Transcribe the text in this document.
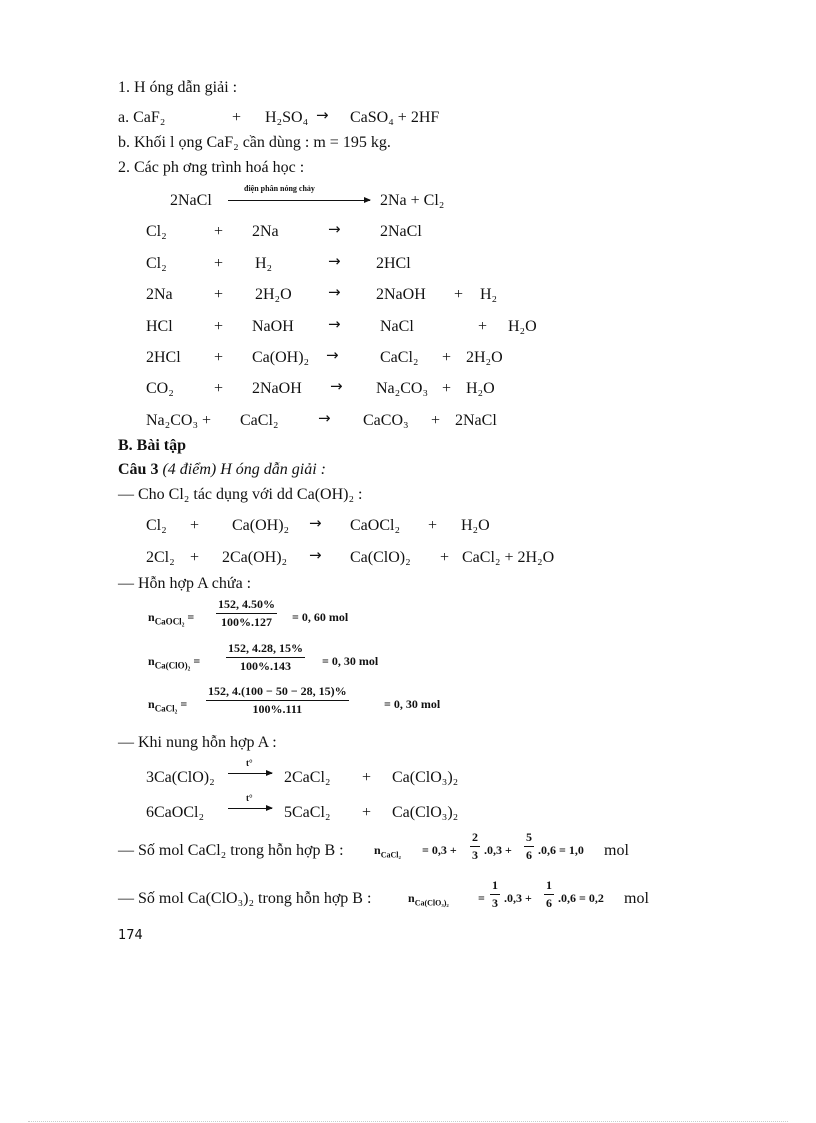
1. H óng dẫn giải :
a. CaF₂	+ H₂SO₄ → CaSO₄ + 2HF
b. Khối l ọng CaF₂ cần dùng : m = 195 kg.
2. Các ph ơng trình hoá học :
2NaCl
điện phân nóng chảy
2Na + Cl₂
Cl₂	+ 2Na	→ 2NaCl
Cl₂	+ H₂	→ 2HCl
2Na	+ 2H₂O → 2NaOH + H₂
HCl	+ NaOH → NaCl	+ H₂O
2HCl + Ca(OH)₂ →	CaCl₂ + 2H₂O
CO₂	+ 2NaOH → Na₂CO₃ + H₂O
Na₂CO₃ + CaCl₂	→ CaCO₃ + 2NaCl
B. Bài tập
Câu 3 (4 điểm) H óng dẫn giải :
— Cho Cl₂ tác dụng với dd Ca(OH)₂ :
Cl₂ + Ca(OH)₂ → CaOCl₂ + H₂O
2Cl₂ + 2Ca(OH)₂ → Ca(ClO)₂ + CaCl₂ + 2H₂O
— Hỗn hợp A chứa :
$n_{CaOCl_2} = \frac{152, 4.50\%}{100\%.127} = 0$, 60 mol
$n_{Ca(ClO)_2} = \frac{152, 4.28, 15\%}{100\%.143} = 0$, 30 mol
$n_{CaCl_2} = \frac{152, 4.(100 - 50 - 28, 15)\%}{100\%.111}$	= 0, 30 mol
— Khi nung hỗn hợp A :
3Ca(ClO)₂
t°
2CaCl₂ + Ca(ClO₃)₂
6CaOCl₂
t°
5CaCl₂ + Ca(ClO₃)₂
— Số mol CaCl₂ trong hỗn hợp B :	$n_{CaCl_2} = 0,3 + \frac{2}{3} .0,3 + \frac{5}{6} .0,6 = 1,0$ mol
— Số mol Ca(ClO₃)₂ trong hỗn hợp B :	$n_{Ca(ClO_3)_2} = \frac{1}{3} .0,3 + \frac{1}{6} .0,6 = 0,2$ mol
174
